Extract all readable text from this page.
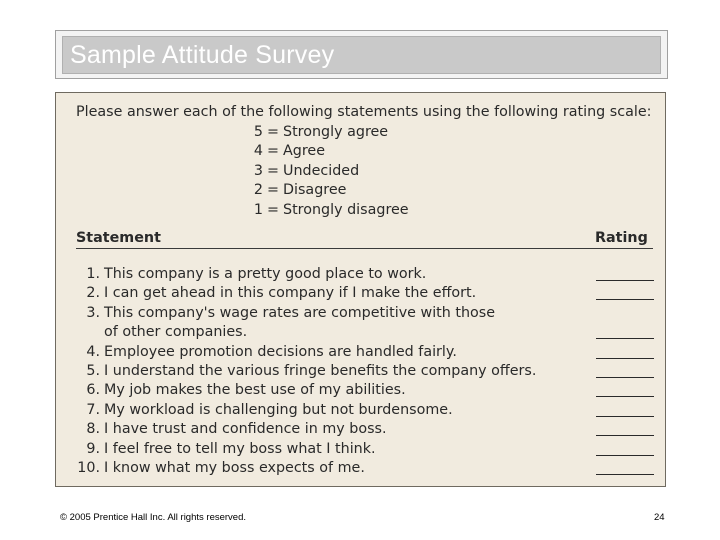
Sample Attitude Survey
Please answer each of the following statements using the following rating scale:
5 = Strongly agree
4 = Agree
3 = Undecided
2 = Disagree
1 = Strongly disagree
Statement	Rating
1. This company is a pretty good place to work.
2. I can get ahead in this company if I make the effort.
3. This company's wage rates are competitive with those
of other companies.
4. Employee promotion decisions are handled fairly.
5. I understand the various fringe benefits the company offers.
6. My job makes the best use of my abilities.
7. My workload is challenging but not burdensome.
8. I have trust and confidence in my boss.
9. I feel free to tell my boss what I think.
10. I know what my boss expects of me.
© 2005 Prentice Hall Inc. All rights reserved.	24
